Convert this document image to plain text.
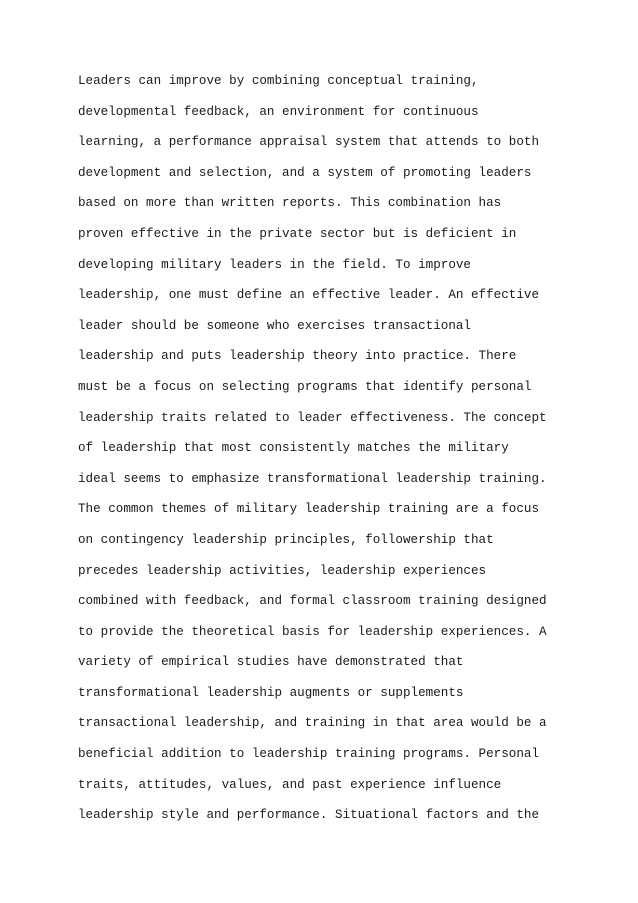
Leaders can improve by combining conceptual training,
developmental feedback, an environment for continuous
learning, a performance appraisal system that attends to both
development and selection, and a system of promoting leaders
based on more than written reports. This combination has
proven effective in the private sector but is deficient in
developing military leaders in the field. To improve
leadership, one must define an effective leader. An effective
leader should be someone who exercises transactional
leadership and puts leadership theory into practice. There
must be a focus on selecting programs that identify personal
leadership traits related to leader effectiveness. The concept
of leadership that most consistently matches the military
ideal seems to emphasize transformational leadership training.
The common themes of military leadership training are a focus
on contingency leadership principles, followership that
precedes leadership activities, leadership experiences
combined with feedback, and formal classroom training designed
to provide the theoretical basis for leadership experiences. A
variety of empirical studies have demonstrated that
transformational leadership augments or supplements
transactional leadership, and training in that area would be a
beneficial addition to leadership training programs. Personal
traits, attitudes, values, and past experience influence
leadership style and performance. Situational factors and the
